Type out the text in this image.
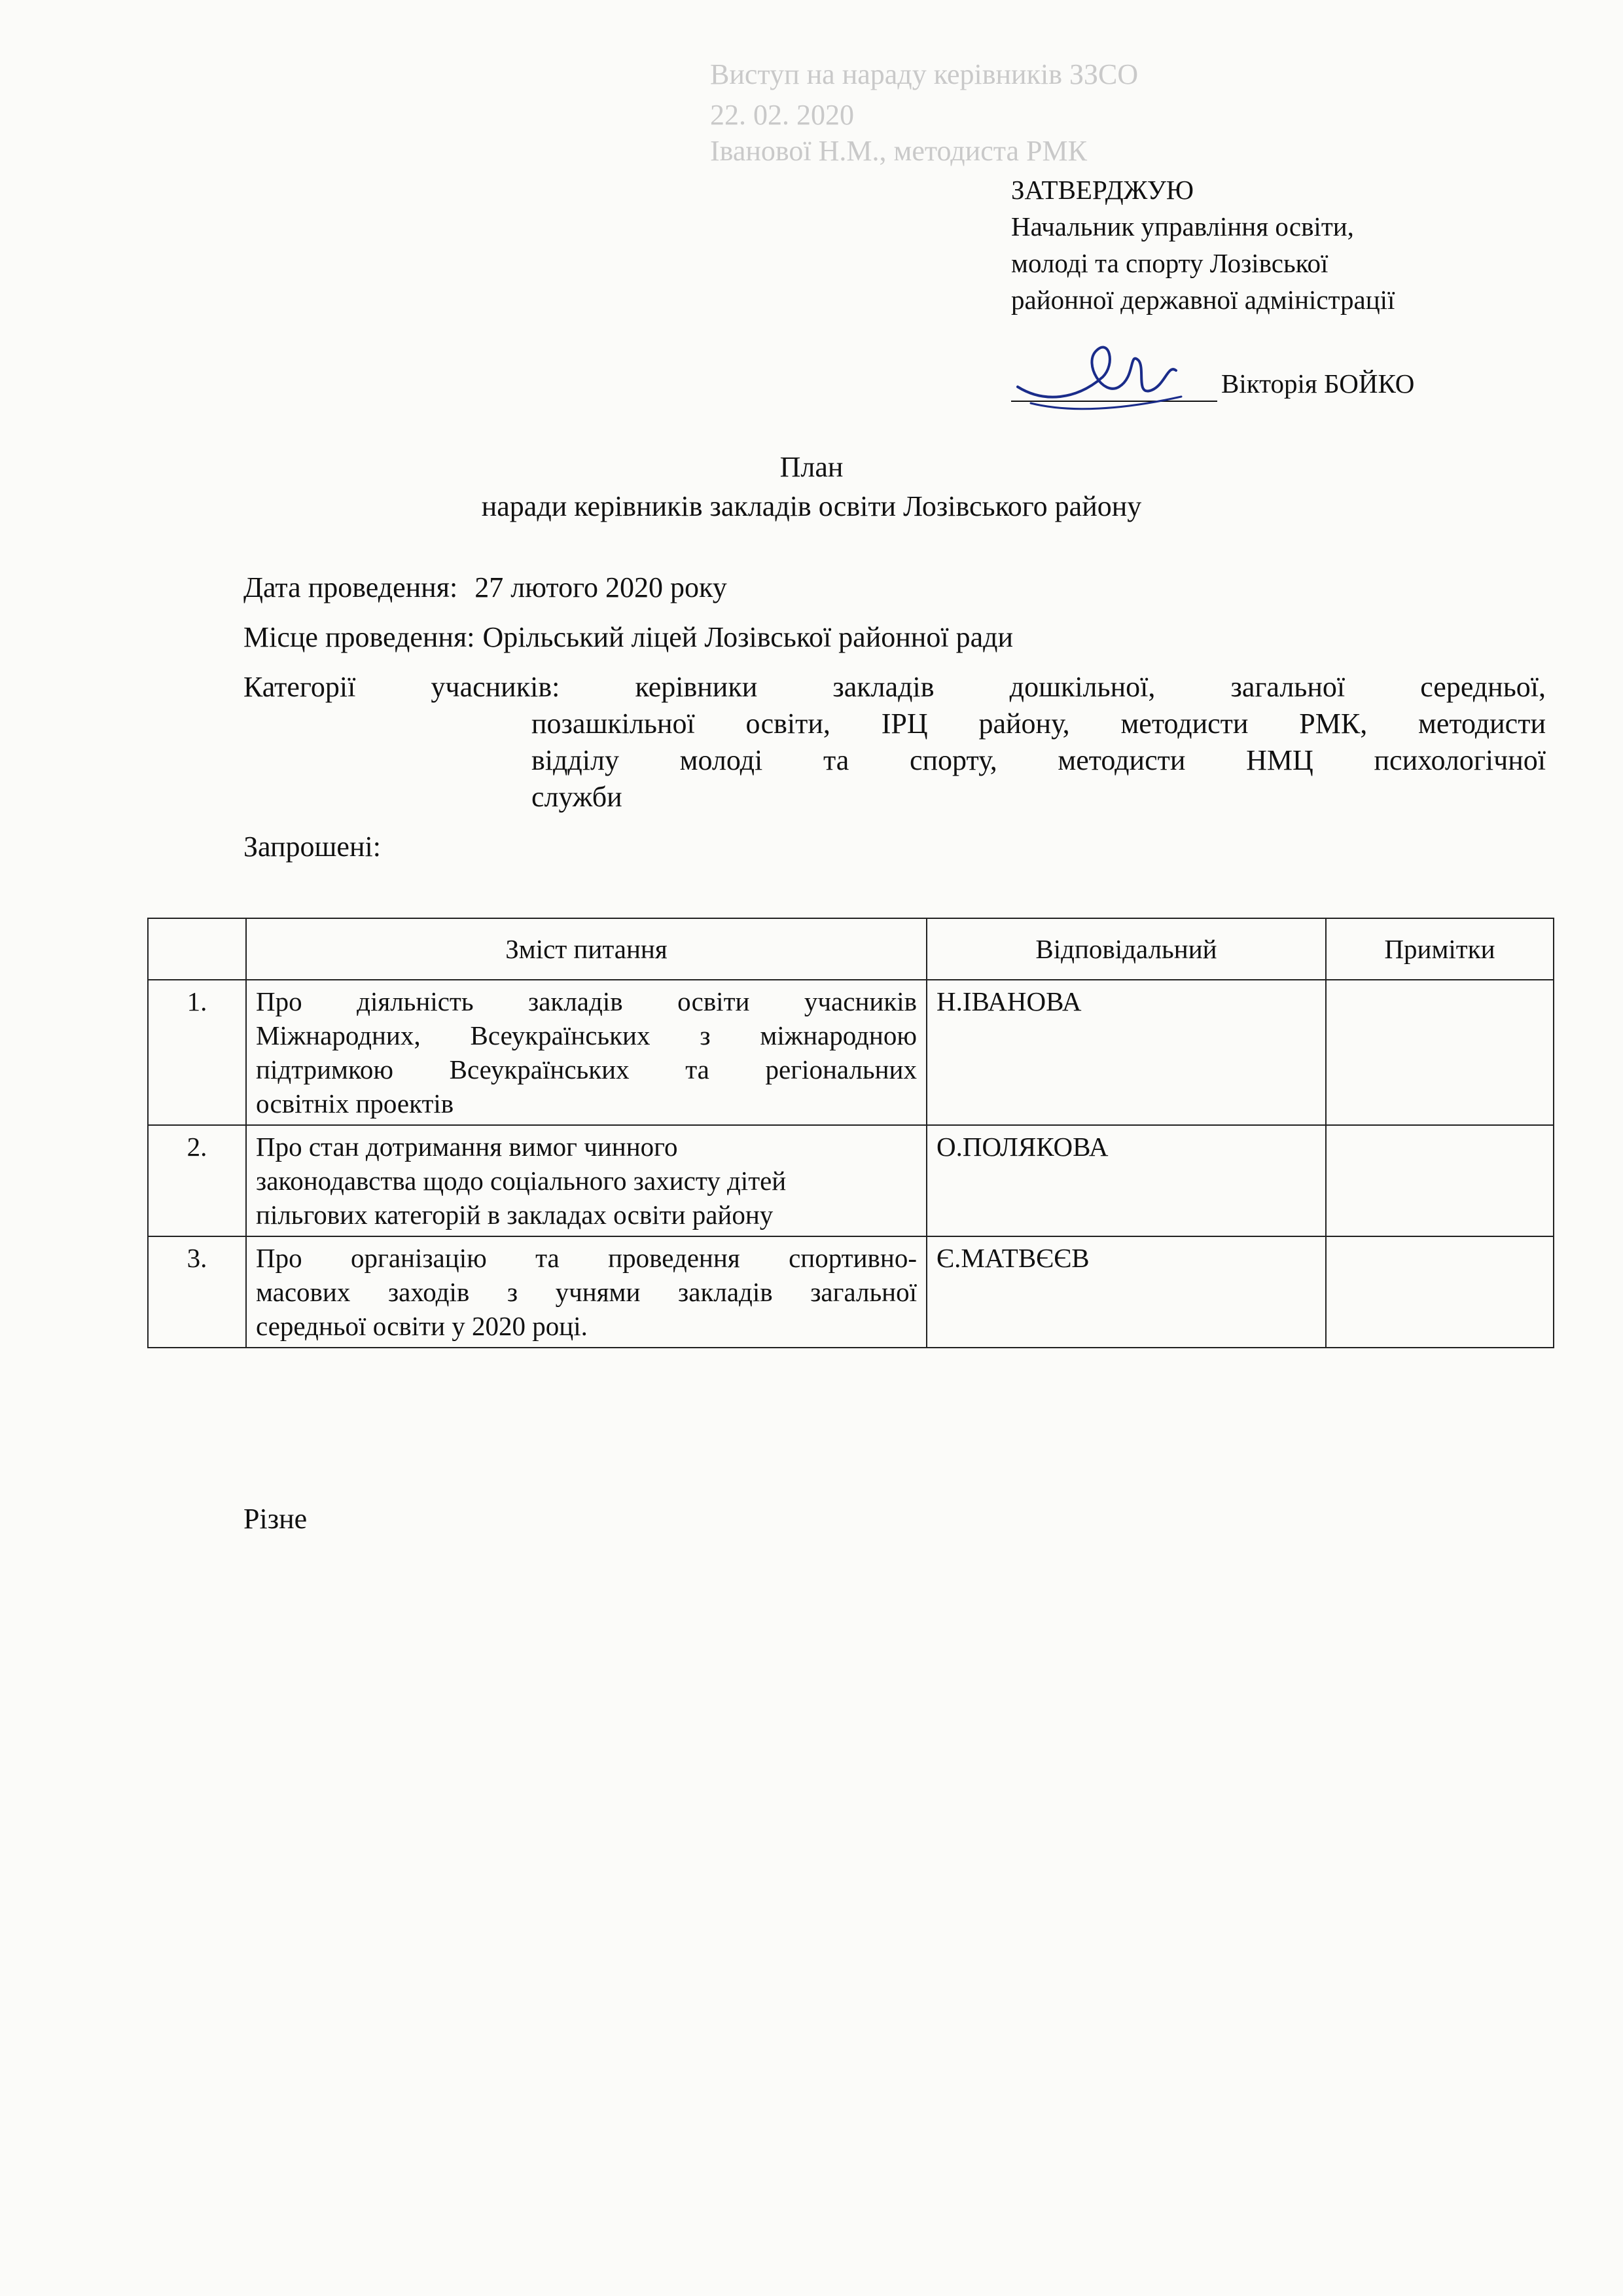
Виступ на нараду керівників ЗЗСО
22. 02. 2020
Іванової Н.М., методиста РМК
ЗАТВЕРДЖУЮ
Начальник управління освіти,
молоді та спорту Лозівської
районної державної адміністрації
Вікторія БОЙКО
План
наради керівників закладів освіти Лозівського району
Дата проведення: 27 лютого 2020 року
Місце проведення: Орільський ліцей Лозівської районної ради
Категорії учасників:	керівники закладів дошкільної, загальної середньої,
позашкільної освіти, ІРЦ району, методисти РМК, методисти
відділу молоді та спорту, методисти НМЦ психологічної
служби
Запрошені:
	Зміст питання	Відповідальний	Примітки
1.	Про діяльність закладів освіти учасників
Міжнародних, Всеукраїнських з міжнародною
підтримкою Всеукраїнських та регіональних
освітніх проектів	Н.ІВАНОВА	
2.	Про стан дотримання вимог чинного
законодавства щодо соціального захисту дітей
пільгових категорій в закладах освіти району	О.ПОЛЯКОВА	
3.	Про організацію та проведення спортивно-
масових заходів з учнями закладів загальної
середньої освіти у 2020 році.	Є.МАТВЄЄВ	
Різне
